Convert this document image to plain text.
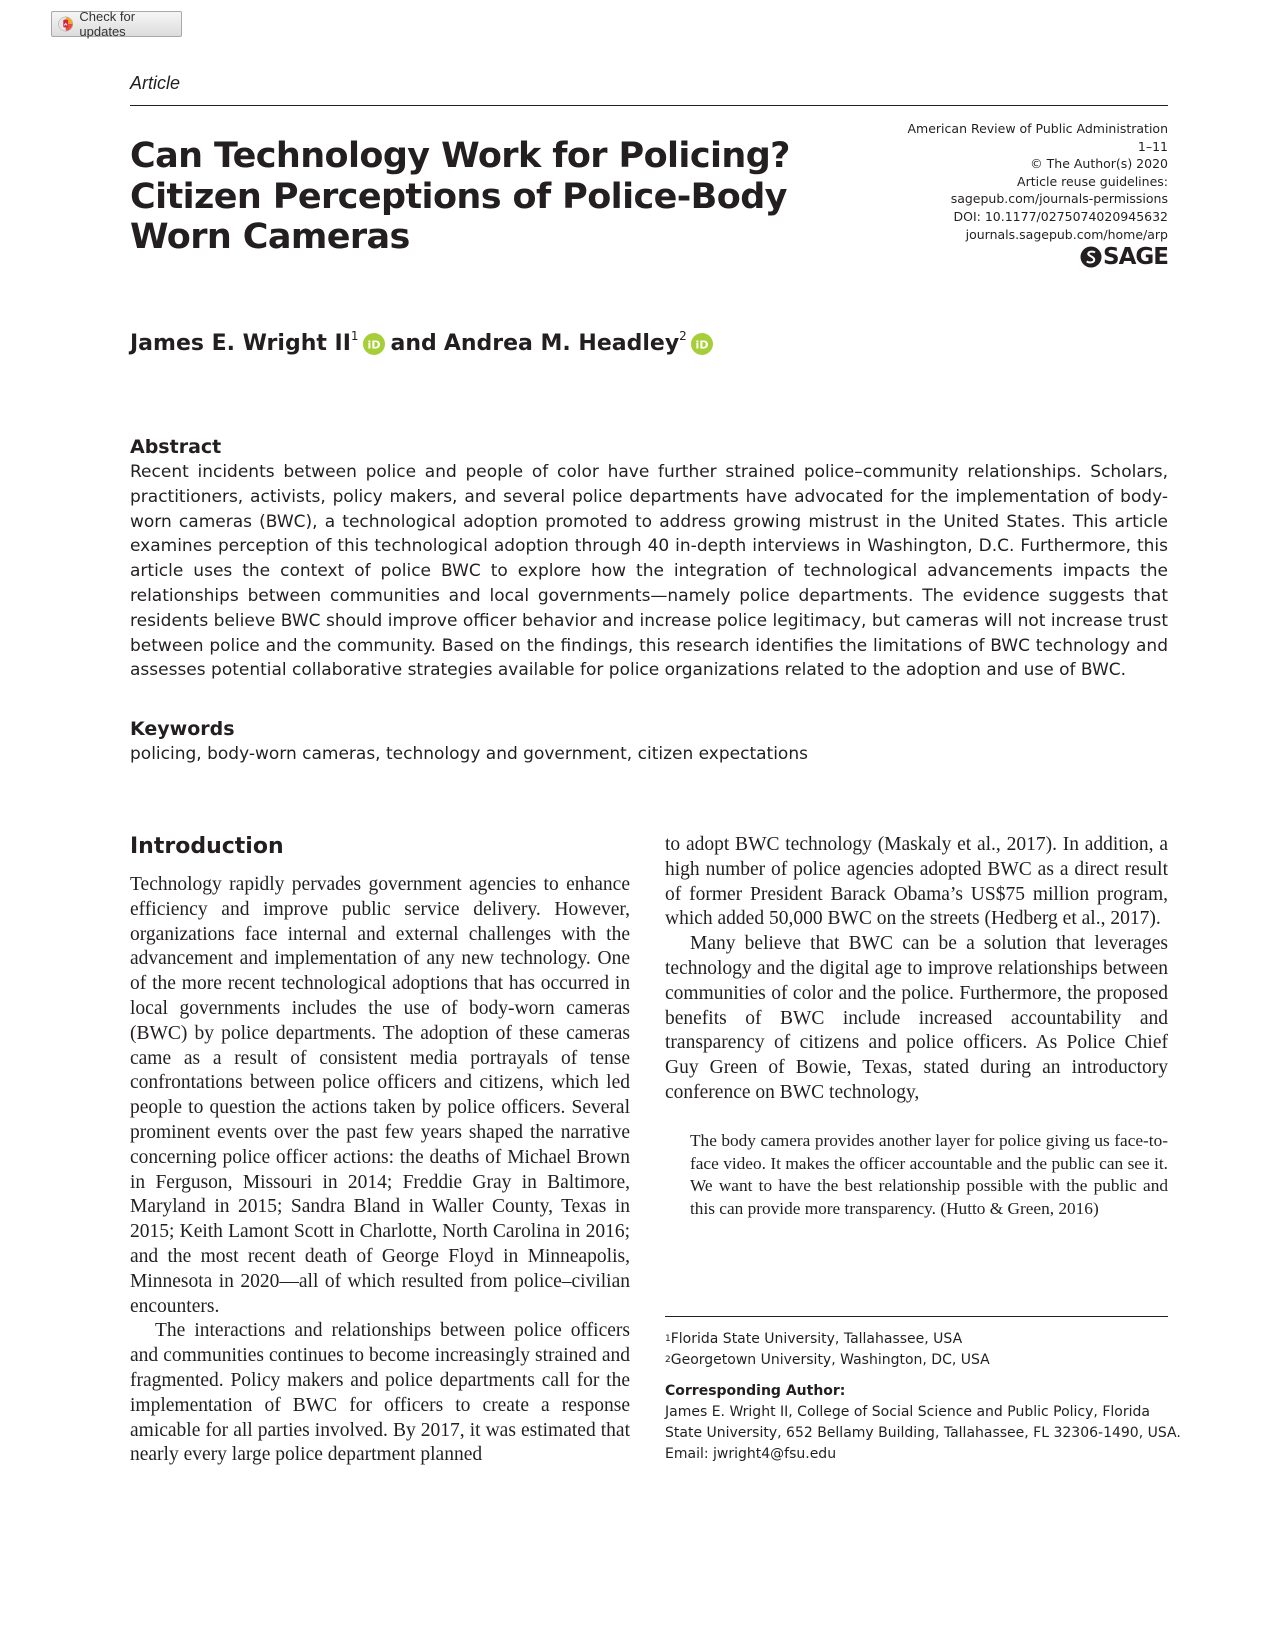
Check for updates
Article
American Review of Public Administration
1–11
© The Author(s) 2020
Article reuse guidelines:
sagepub.com/journals-permissions
DOI: 10.1177/0275074020945632
journals.sagepub.com/home/arp
SAGE
Can Technology Work for Policing?
Citizen Perceptions of Police-Body
Worn Cameras
James E. Wright $II^1$
iD and Andrea M. Headley$^2$
iD
Abstract

Recent incidents between police and people of color have further strained police–community relationships. Scholars, practitioners, activists, policy makers, and several police departments have advocated for the implementation of body-worn cameras (BWC), a technological adoption promoted to address growing mistrust in the United States. This article examines perception of this technological adoption through 40 in-depth interviews in Washington, D.C. Furthermore, this article uses the context of police BWC to explore how the integration of technological advancements impacts the relationships between communities and local governments—namely police departments. The evidence suggests that residents believe BWC should improve officer behavior and increase police legitimacy, but cameras will not increase trust between police and the community. Based on the findings, this research identifies the limitations of BWC technology and assesses potential collaborative strategies available for police organizations related to the adoption and use of BWC.

Keywords
policing, body-worn cameras, technology and government, citizen expectations
Introduction

Technology rapidly pervades government agencies to enhance efficiency and improve public service delivery. However, organizations face internal and external challenges with the advancement and implementation of any new technology. One of the more recent technological adoptions that has occurred in local governments includes the use of body-worn cameras (BWC) by police departments. The adoption of these cameras came as a result of consistent media portrayals of tense confrontations between police officers and citizens, which led people to question the actions taken by police officers. Several prominent events over the past few years shaped the narrative concerning police officer actions: the deaths of Michael Brown in Ferguson, Missouri in 2014; Freddie Gray in Baltimore, Maryland in 2015; Sandra Bland in Waller County, Texas in 2015; Keith Lamont Scott in Charlotte, North Carolina in 2016; and the most recent death of George Floyd in Minneapolis, Minnesota in 2020—all of which resulted from police–civilian encounters.

The interactions and relationships between police officers and communities continues to become increasingly strained and fragmented. Policy makers and police departments call for the implementation of BWC for officers to create a response amicable for all parties involved. By 2017, it was estimated that nearly every large police department planned

to adopt BWC technology (Maskaly et al., 2017). In addition, a high number of police agencies adopted BWC as a direct result of former President Barack Obama’s US$75 million program, which added 50,000 BWC on the streets (Hedberg et al., 2017).

Many believe that BWC can be a solution that leverages technology and the digital age to improve relationships between communities of color and the police. Furthermore, the proposed benefits of BWC include increased accountability and transparency of citizens and police officers. As Police Chief Guy Green of Bowie, Texas, stated during an introductory conference on BWC technology,

The body camera provides another layer for police giving us face-to-face video. It makes the officer accountable and the public can see it. We want to have the best relationship possible with the public and this can provide more transparency. (Hutto & Green, 2016)

$^1$Florida State University, Tallahassee, USA
$^2$Georgetown University, Washington, DC, USA
Corresponding Author:
James E. Wright II, College of Social Science and Public Policy, Florida
State University, 652 Bellamy Building, Tallahassee, FL 32306-1490, USA.
Email: jwright4@fsu.edu
